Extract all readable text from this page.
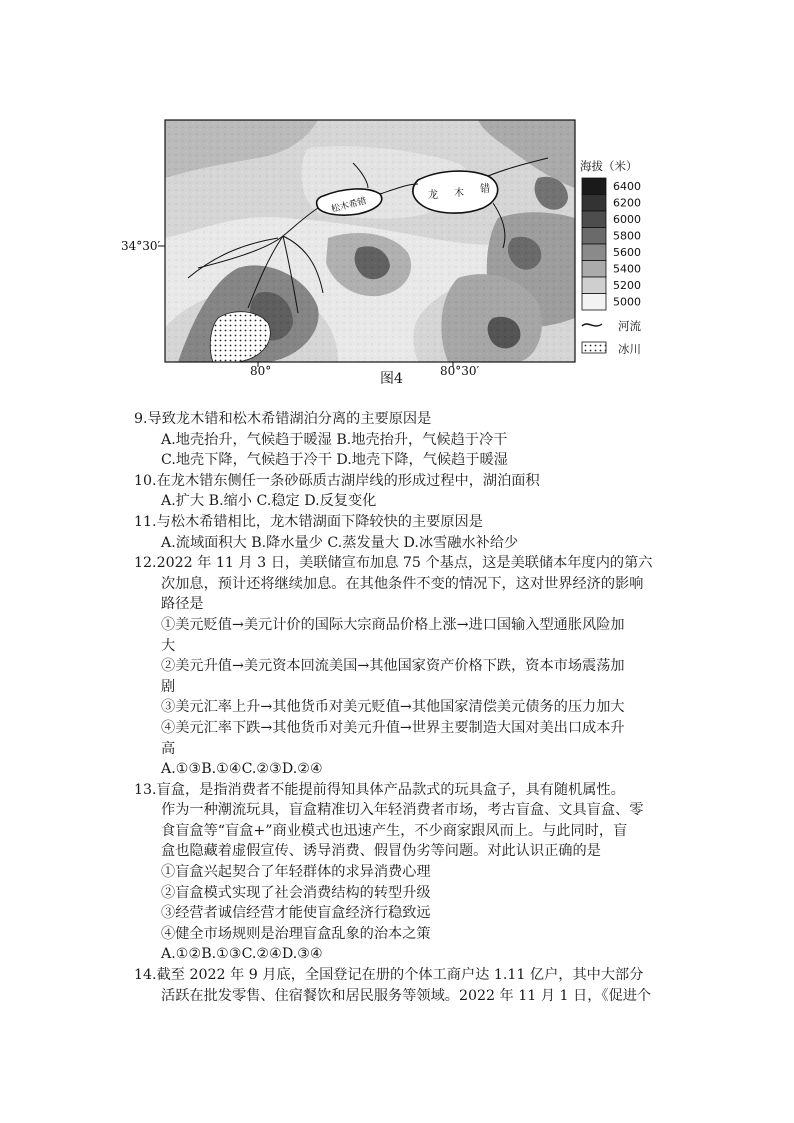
松木希错
龙 木 错
34°30′
80°	80°30′
图4
海拔（米）
6400
6200
6000
5800
5600
5400
5200
5000
河流
冰川
9.导致龙木错和松木希错湖泊分离的主要原因是
A.地壳抬升，气候趋于暖湿 B.地壳抬升，气候趋于冷干
C.地壳下降，气候趋于冷干 D.地壳下降，气候趋于暖湿
10.在龙木错东侧任一条砂砾质古湖岸线的形成过程中，湖泊面积
A.扩大 B.缩小 C.稳定 D.反复变化
11.与松木希错相比，龙木错湖面下降较快的主要原因是
A.流域面积大 B.降水量少 C.蒸发量大 D.冰雪融水补给少
12.2022 年 11 月 3 日，美联储宣布加息 75 个基点，这是美联储本年度内的第六
次加息，预计还将继续加息。在其他条件不变的情况下，这对世界经济的影响
路径是
①美元贬值→美元计价的国际大宗商品价格上涨→进口国输入型通胀风险加
大
②美元升值→美元资本回流美国→其他国家资产价格下跌，资本市场震荡加
剧
③美元汇率上升→其他货币对美元贬值→其他国家清偿美元债务的压力加大
④美元汇率下跌→其他货币对美元升值→世界主要制造大国对美出口成本升
高
A.①③B.①④C.②③D.②④
13.盲盒，是指消费者不能提前得知具体产品款式的玩具盒子，具有随机属性。
作为一种潮流玩具，盲盒精准切入年轻消费者市场，考古盲盒、文具盲盒、零
食盲盒等“盲盒+”商业模式也迅速产生，不少商家跟风而上。与此同时，盲
盒也隐藏着虚假宣传、诱导消费、假冒伪劣等问题。对此认识正确的是
①盲盒兴起契合了年轻群体的求异消费心理
②盲盒模式实现了社会消费结构的转型升级
③经营者诚信经营才能使盲盒经济行稳致远
④健全市场规则是治理盲盒乱象的治本之策
A.①②B.①③C.②④D.③④
14.截至 2022 年 9 月底，全国登记在册的个体工商户达 1.11 亿户，其中大部分
活跃在批发零售、住宿餐饮和居民服务等领域。2022 年 11 月 1 日，《促进个
